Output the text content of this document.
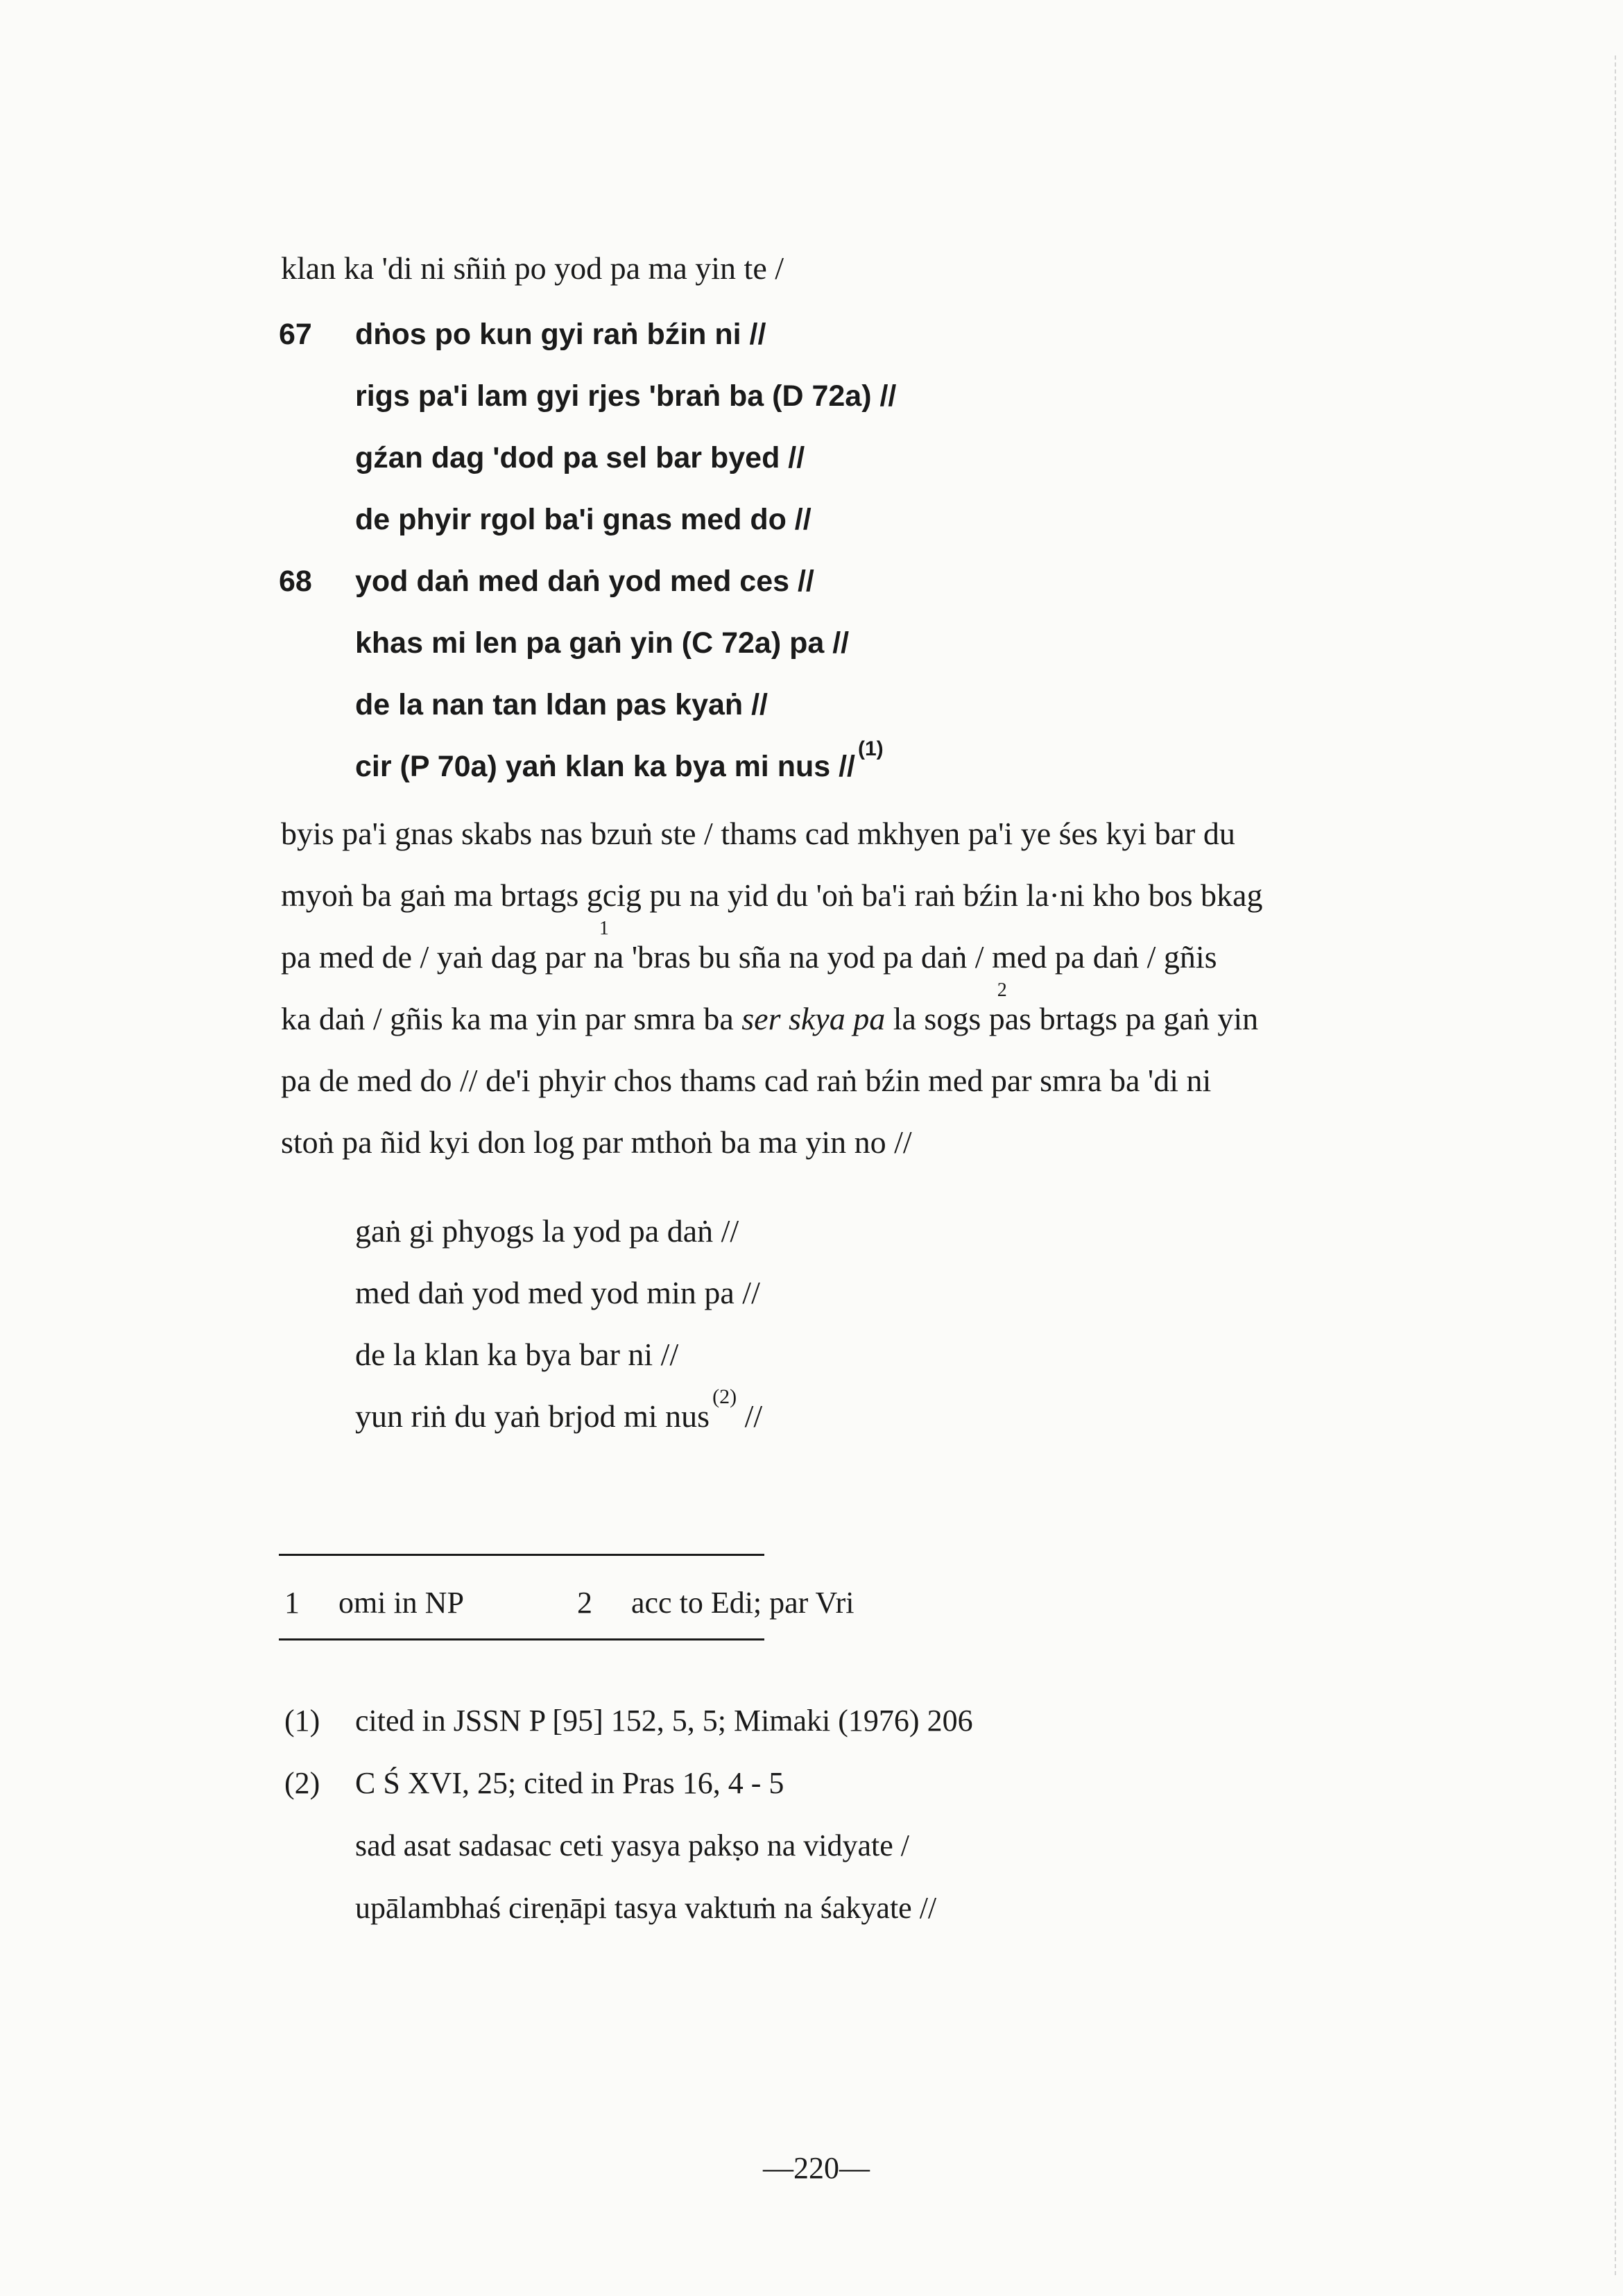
klan ka 'di ni sñiṅ po yod pa ma yin te /
67 dṅos po kun gyi raṅ bźin ni //
rigs pa'i lam gyi rjes 'braṅ ba (D 72a) //
gźan dag 'dod pa sel bar byed //
de phyir rgol ba'i gnas med do //
68 yod daṅ med daṅ yod med ces //
khas mi len pa gaṅ yin (C 72a) pa //
de la nan tan ldan pas kyaṅ //
cir (P 70a) yaṅ klan ka bya mi nus //$^{(1)}$
byis pa'i gnas skabs nas bzuṅ ste / thams cad mkhyen pa'i ye śes kyi bar du
myoṅ ba gaṅ ma brtags gcig pu na yid du 'oṅ ba'i raṅ bźin la·ni kho bos bkag
pa med de / yaṅ dag par
1
na 'bras bu sña na yod pa daṅ / med pa daṅ / gñis
ka daṅ / gñis ka ma yin par smra ba ser skya pa la sogs
2
pas brtags pa gaṅ yin
pa de med do // de'i phyir chos thams cad raṅ bźin med par smra ba 'di ni
stoṅ pa ñid kyi don log par mthoṅ ba ma yin no //
gaṅ gi phyogs la yod pa daṅ //
med daṅ yod med yod min pa //
de la klan ka bya bar ni //
yun riṅ du yaṅ brjod mi nus$^{(2)}$ //
1 omi in NP	2 acc to Edi; par Vri
(1) cited in JSSN P [95] 152, 5, 5; Mimaki (1976) 206
(2) C Ś XVI, 25; cited in Pras 16, 4 - 5
sad asat sadasac ceti yasya pakṣo na vidyate /
upālambhaś cireṇāpi tasya vaktuṁ na śakyate //
—220—
